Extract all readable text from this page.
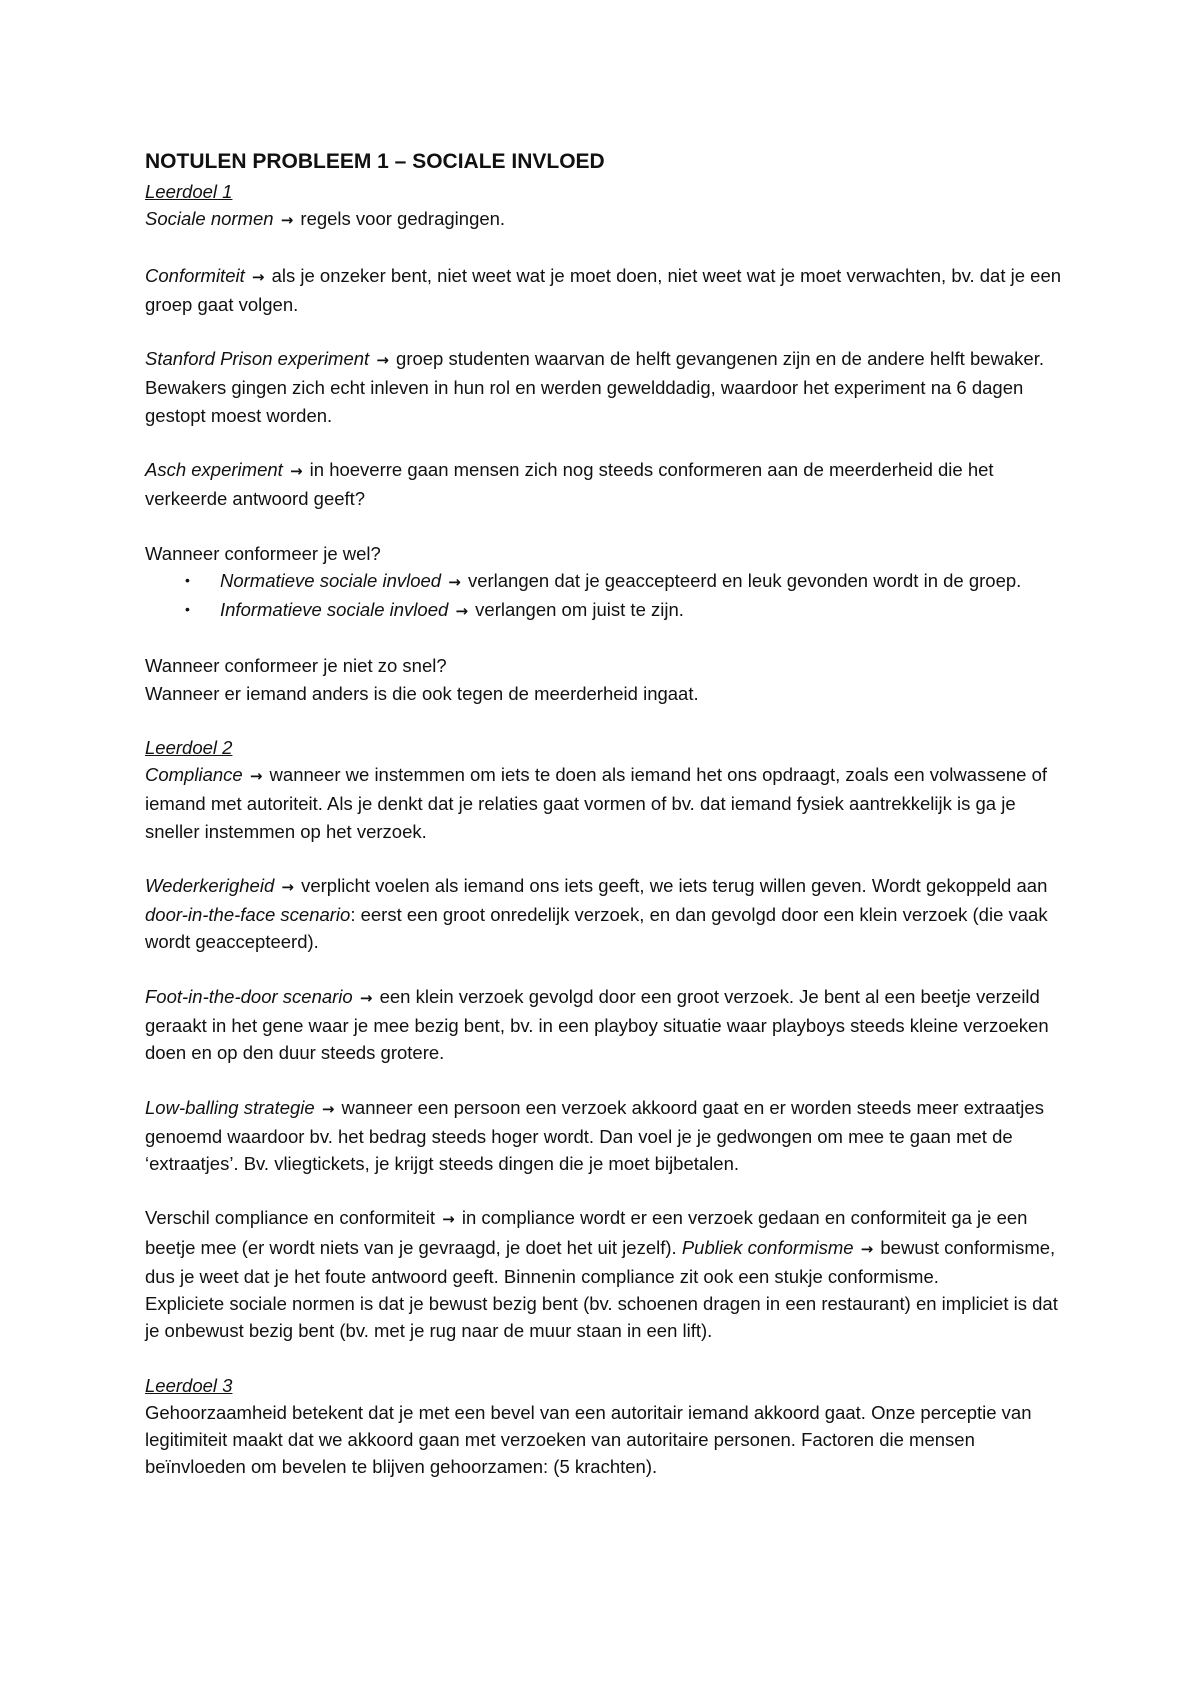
NOTULEN PROBLEEM 1 – SOCIALE INVLOED

Leerdoel 1

Sociale normen → regels voor gedragingen.

Conformiteit → als je onzeker bent, niet weet wat je moet doen, niet weet wat je moet verwachten, bv. dat je een groep gaat volgen.

Stanford Prison experiment → groep studenten waarvan de helft gevangenen zijn en de andere helft bewaker. Bewakers gingen zich echt inleven in hun rol en werden gewelddadig, waardoor het experiment na 6 dagen gestopt moest worden.

Asch experiment → in hoeverre gaan mensen zich nog steeds conformeren aan de meerderheid die het verkeerde antwoord geeft?

Wanneer conformeer je wel?

• Normatieve sociale invloed → verlangen dat je geaccepteerd en leuk gevonden wordt in de groep.
• Informatieve sociale invloed → verlangen om juist te zijn.

Wanneer conformeer je niet zo snel?

Wanneer er iemand anders is die ook tegen de meerderheid ingaat.

Leerdoel 2

Compliance → wanneer we instemmen om iets te doen als iemand het ons opdraagt, zoals een volwassene of iemand met autoriteit. Als je denkt dat je relaties gaat vormen of bv. dat iemand fysiek aantrekkelijk is ga je sneller instemmen op het verzoek.

Wederkerigheid → verplicht voelen als iemand ons iets geeft, we iets terug willen geven. Wordt gekoppeld aan door-in-the-face scenario: eerst een groot onredelijk verzoek, en dan gevolgd door een klein verzoek (die vaak wordt geaccepteerd).

Foot-in-the-door scenario → een klein verzoek gevolgd door een groot verzoek. Je bent al een beetje verzeild geraakt in het gene waar je mee bezig bent, bv. in een playboy situatie waar playboys steeds kleine verzoeken doen en op den duur steeds grotere.

Low-balling strategie → wanneer een persoon een verzoek akkoord gaat en er worden steeds meer extraatjes genoemd waardoor bv. het bedrag steeds hoger wordt. Dan voel je je gedwongen om mee te gaan met de ‘extraatjes’. Bv. vliegtickets, je krijgt steeds dingen die je moet bijbetalen.

Verschil compliance en conformiteit → in compliance wordt er een verzoek gedaan en conformiteit ga je een beetje mee (er wordt niets van je gevraagd, je doet het uit jezelf). Publiek conformisme → bewust conformisme, dus je weet dat je het foute antwoord geeft. Binnenin compliance zit ook een stukje conformisme.

Expliciete sociale normen is dat je bewust bezig bent (bv. schoenen dragen in een restaurant) en impliciet is dat je onbewust bezig bent (bv. met je rug naar de muur staan in een lift).

Leerdoel 3

Gehoorzaamheid betekent dat je met een bevel van een autoritair iemand akkoord gaat. Onze perceptie van legitimiteit maakt dat we akkoord gaan met verzoeken van autoritaire personen. Factoren die mensen beïnvloeden om bevelen te blijven gehoorzamen: (5 krachten).
